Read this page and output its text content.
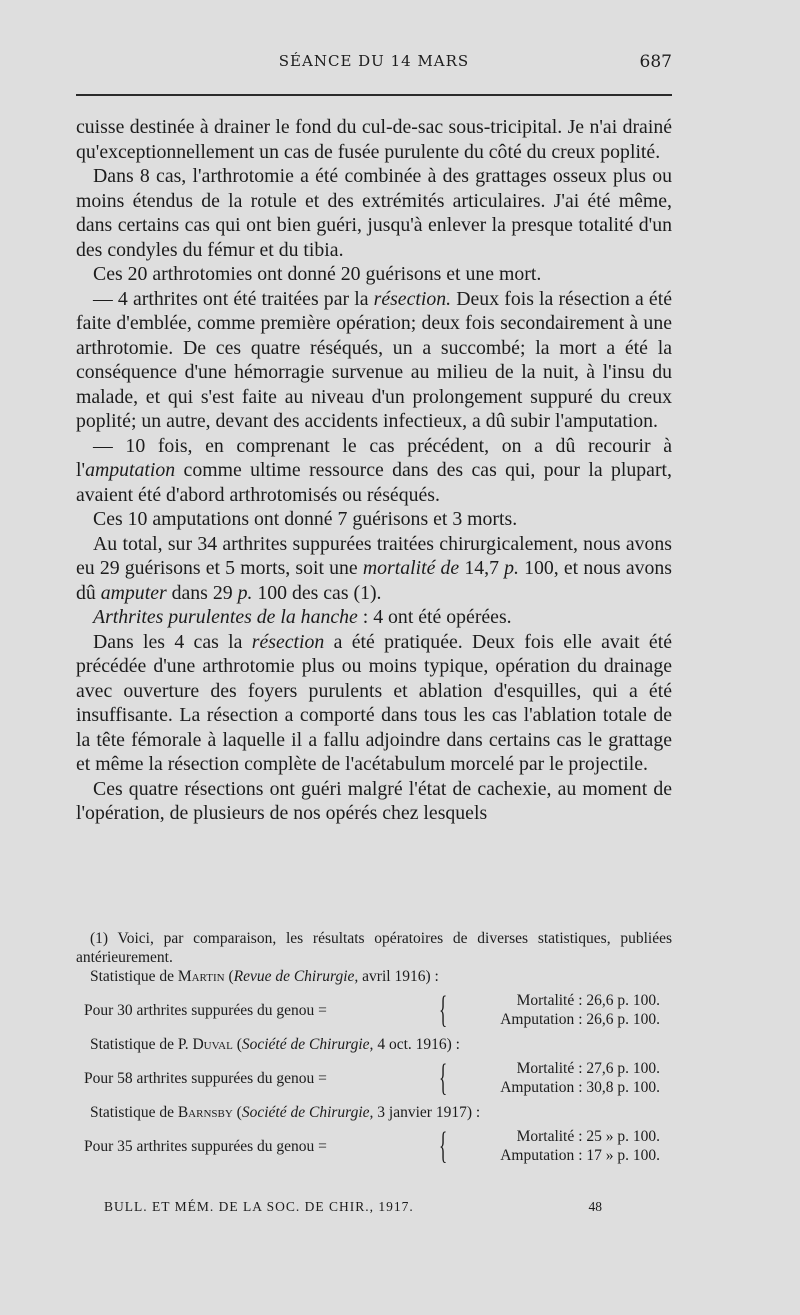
SÉANCE DU 14 MARS	687

cuisse destinée à drainer le fond du cul-de-sac sous-tricipital. Je n'ai drainé qu'exceptionnellement un cas de fusée purulente du côté du creux poplité.

Dans 8 cas, l'arthrotomie a été combinée à des grattages osseux plus ou moins étendus de la rotule et des extrémités articulaires. J'ai été même, dans certains cas qui ont bien guéri, jusqu'à enlever la presque totalité d'un des condyles du fémur et du tibia.

Ces 20 arthrotomies ont donné 20 guérisons et une mort.

— 4 arthrites ont été traitées par la résection. Deux fois la résection a été faite d'emblée, comme première opération; deux fois secondairement à une arthrotomie. De ces quatre réséqués, un a succombé; la mort a été la conséquence d'une hémorragie survenue au milieu de la nuit, à l'insu du malade, et qui s'est faite au niveau d'un prolongement suppuré du creux poplité; un autre, devant des accidents infectieux, a dû subir l'amputation.

— 10 fois, en comprenant le cas précédent, on a dû recourir à l'amputation comme ultime ressource dans des cas qui, pour la plupart, avaient été d'abord arthrotomisés ou réséqués.

Ces 10 amputations ont donné 7 guérisons et 3 morts.

Au total, sur 34 arthrites suppurées traitées chirurgicalement, nous avons eu 29 guérisons et 5 morts, soit une mortalité de 14,7 p. 100, et nous avons dû amputer dans 29 p. 100 des cas (1).

Arthrites purulentes de la hanche : 4 ont été opérées.

Dans les 4 cas la résection a été pratiquée. Deux fois elle avait été précédée d'une arthrotomie plus ou moins typique, opération du drainage avec ouverture des foyers purulents et ablation d'esquilles, qui a été insuffisante. La résection a comporté dans tous les cas l'ablation totale de la tête fémorale à laquelle il a fallu adjoindre dans certains cas le grattage et même la résection complète de l'acétabulum morcelé par le projectile.

Ces quatre résections ont guéri malgré l'état de cachexie, au moment de l'opération, de plusieurs de nos opérés chez lesquels

(1) Voici, par comparaison, les résultats opératoires de diverses statistiques, publiées antérieurement.

Statistique de Martin (Revue de Chirurgie, avril 1916) :

Pour 30 arthrites suppurées du genou =	{	Mortalité : 26,6 p. 100.
Amputation : 26,6 p. 100.

Statistique de P. Duval (Société de Chirurgie, 4 oct. 1916) :

Pour 58 arthrites suppurées du genou =	{	Mortalité : 27,6 p. 100.
Amputation : 30,8 p. 100.

Statistique de Barnsby (Société de Chirurgie, 3 janvier 1917) :

Pour 35 arthrites suppurées du genou =	{	Mortalité : 25 » p. 100.
Amputation : 17 » p. 100.
BULL. ET MÉM. DE LA SOC. DE CHIR., 1917.	48
